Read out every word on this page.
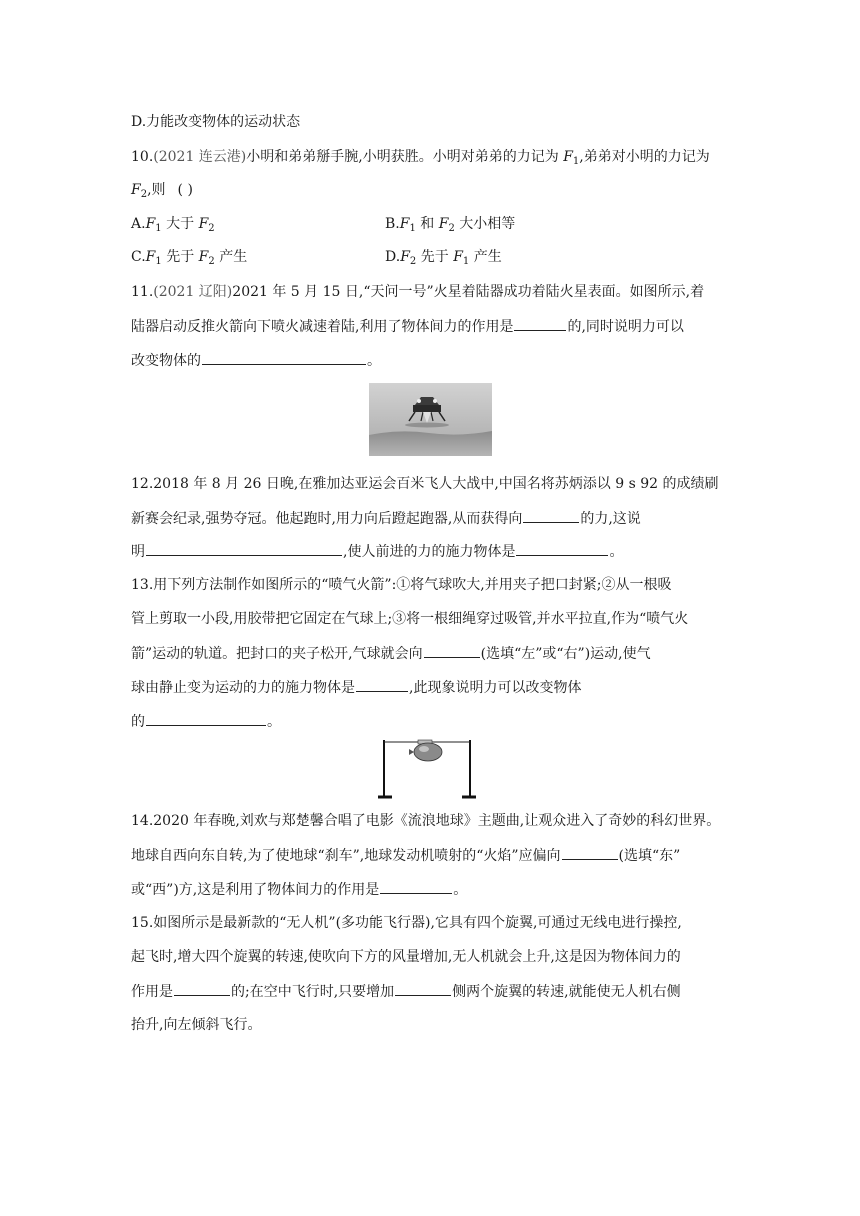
D.力能改变物体的运动状态
10.(2021 连云港)小明和弟弟掰手腕,小明获胜。小明对弟弟的力记为 $F_1$,弟弟对小明的力记为
$F_2$,则 ( )
$A.F_1$ 大于 $F_2$	$B.F_1$ 和 $F_2$ 大小相等
$C.F_1$ 先于 $F_2$ 产生	$D.F_2$ 先于 $F_1$ 产生
11.(2021 辽阳)2021 年 5 月 15 日,“天问一号”火星着陆器成功着陆火星表面。如图所示,着
陆器启动反推火箭向下喷火减速着陆,利用了物体间力的作用是	的,同时说明力可以
改变物体的	。
12.2018 年 8 月 26 日晚,在雅加达亚运会百米飞人大战中,中国名将苏炳添以 9 s 92 的成绩刷
新赛会纪录,强势夺冠。他起跑时,用力向后蹬起跑器,从而获得向	的力,这说
明	,使人前进的力的施力物体是	。
13.用下列方法制作如图所示的“喷气火箭”:①将气球吹大,并用夹子把口封紧;②从一根吸
管上剪取一小段,用胶带把它固定在气球上;③将一根细绳穿过吸管,并水平拉直,作为“喷气火
箭”运动的轨道。把封口的夹子松开,气球就会向	(选填“左”或“右”)运动,使气
球由静止变为运动的力的施力物体是	,此现象说明力可以改变物体
的	。
14.2020 年春晚,刘欢与郑楚馨合唱了电影《流浪地球》主题曲,让观众进入了奇妙的科幻世界。
地球自西向东自转,为了使地球“刹车”,地球发动机喷射的“火焰”应偏向	(选填“东”
或“西”)方,这是利用了物体间力的作用是	。
15.如图所示是最新款的“无人机”(多功能飞行器),它具有四个旋翼,可通过无线电进行操控,
起飞时,增大四个旋翼的转速,使吹向下方的风量增加,无人机就会上升,这是因为物体间力的
作用是	的;在空中飞行时,只要增加	侧两个旋翼的转速,就能使无人机右侧
抬升,向左倾斜飞行。
